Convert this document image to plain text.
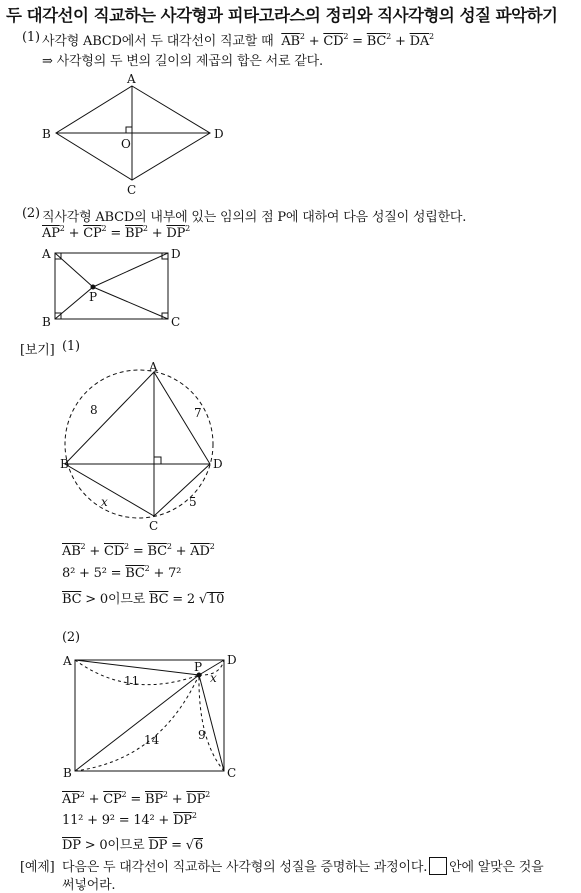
두 대각선이 직교하는 사각형과 피타고라스의 정리와 직사각형의 성질 파악하기
(1) 사각형 ABCD에서 두 대각선이 직교할 때 $\overline{AB}^2 + \overline{CD}^2 = \overline{BC}^2 + \overline{DA}^2$
⇒ 사각형의 두 변의 길이의 제곱의 합은 서로 같다.
A
B
C
D
O
(2) 직사각형 ABCD의 내부에 있는 임의의 점 P에 대하여 다음 성질이 성립한다.
$\overline{AP}^2 + \overline{CP}^2 = \overline{BP}^2 + \overline{DP}^2$
A	D
B	C
P
[보기] (1)
A
B
C
D
8	7
x	5
$\overline{AB}^2 + \overline{CD}^2 = \overline{BC}^2 + \overline{AD}^2$
$8^2 + 5^2 = \overline{BC}^2 + 7^2$
$\overline{BC} > 0$이므로 $\overline{BC} = 2$ √10
(2)
A	D
B	C
P
11	x
14	9
$\overline{AP}^2 + \overline{CP}^2 = \overline{BP}^2 + \overline{DP}^2$
$11^2 + 9^2 = 14^2 + \overline{DP}^2$
$\overline{DP} > 0$이므로 $\overline{DP} = √6$
[예제] 다음은 두 대각선이 직교하는 사각형의 성질을 증명하는 과정이다. 안에 알맞은 것을
써넣어라.
